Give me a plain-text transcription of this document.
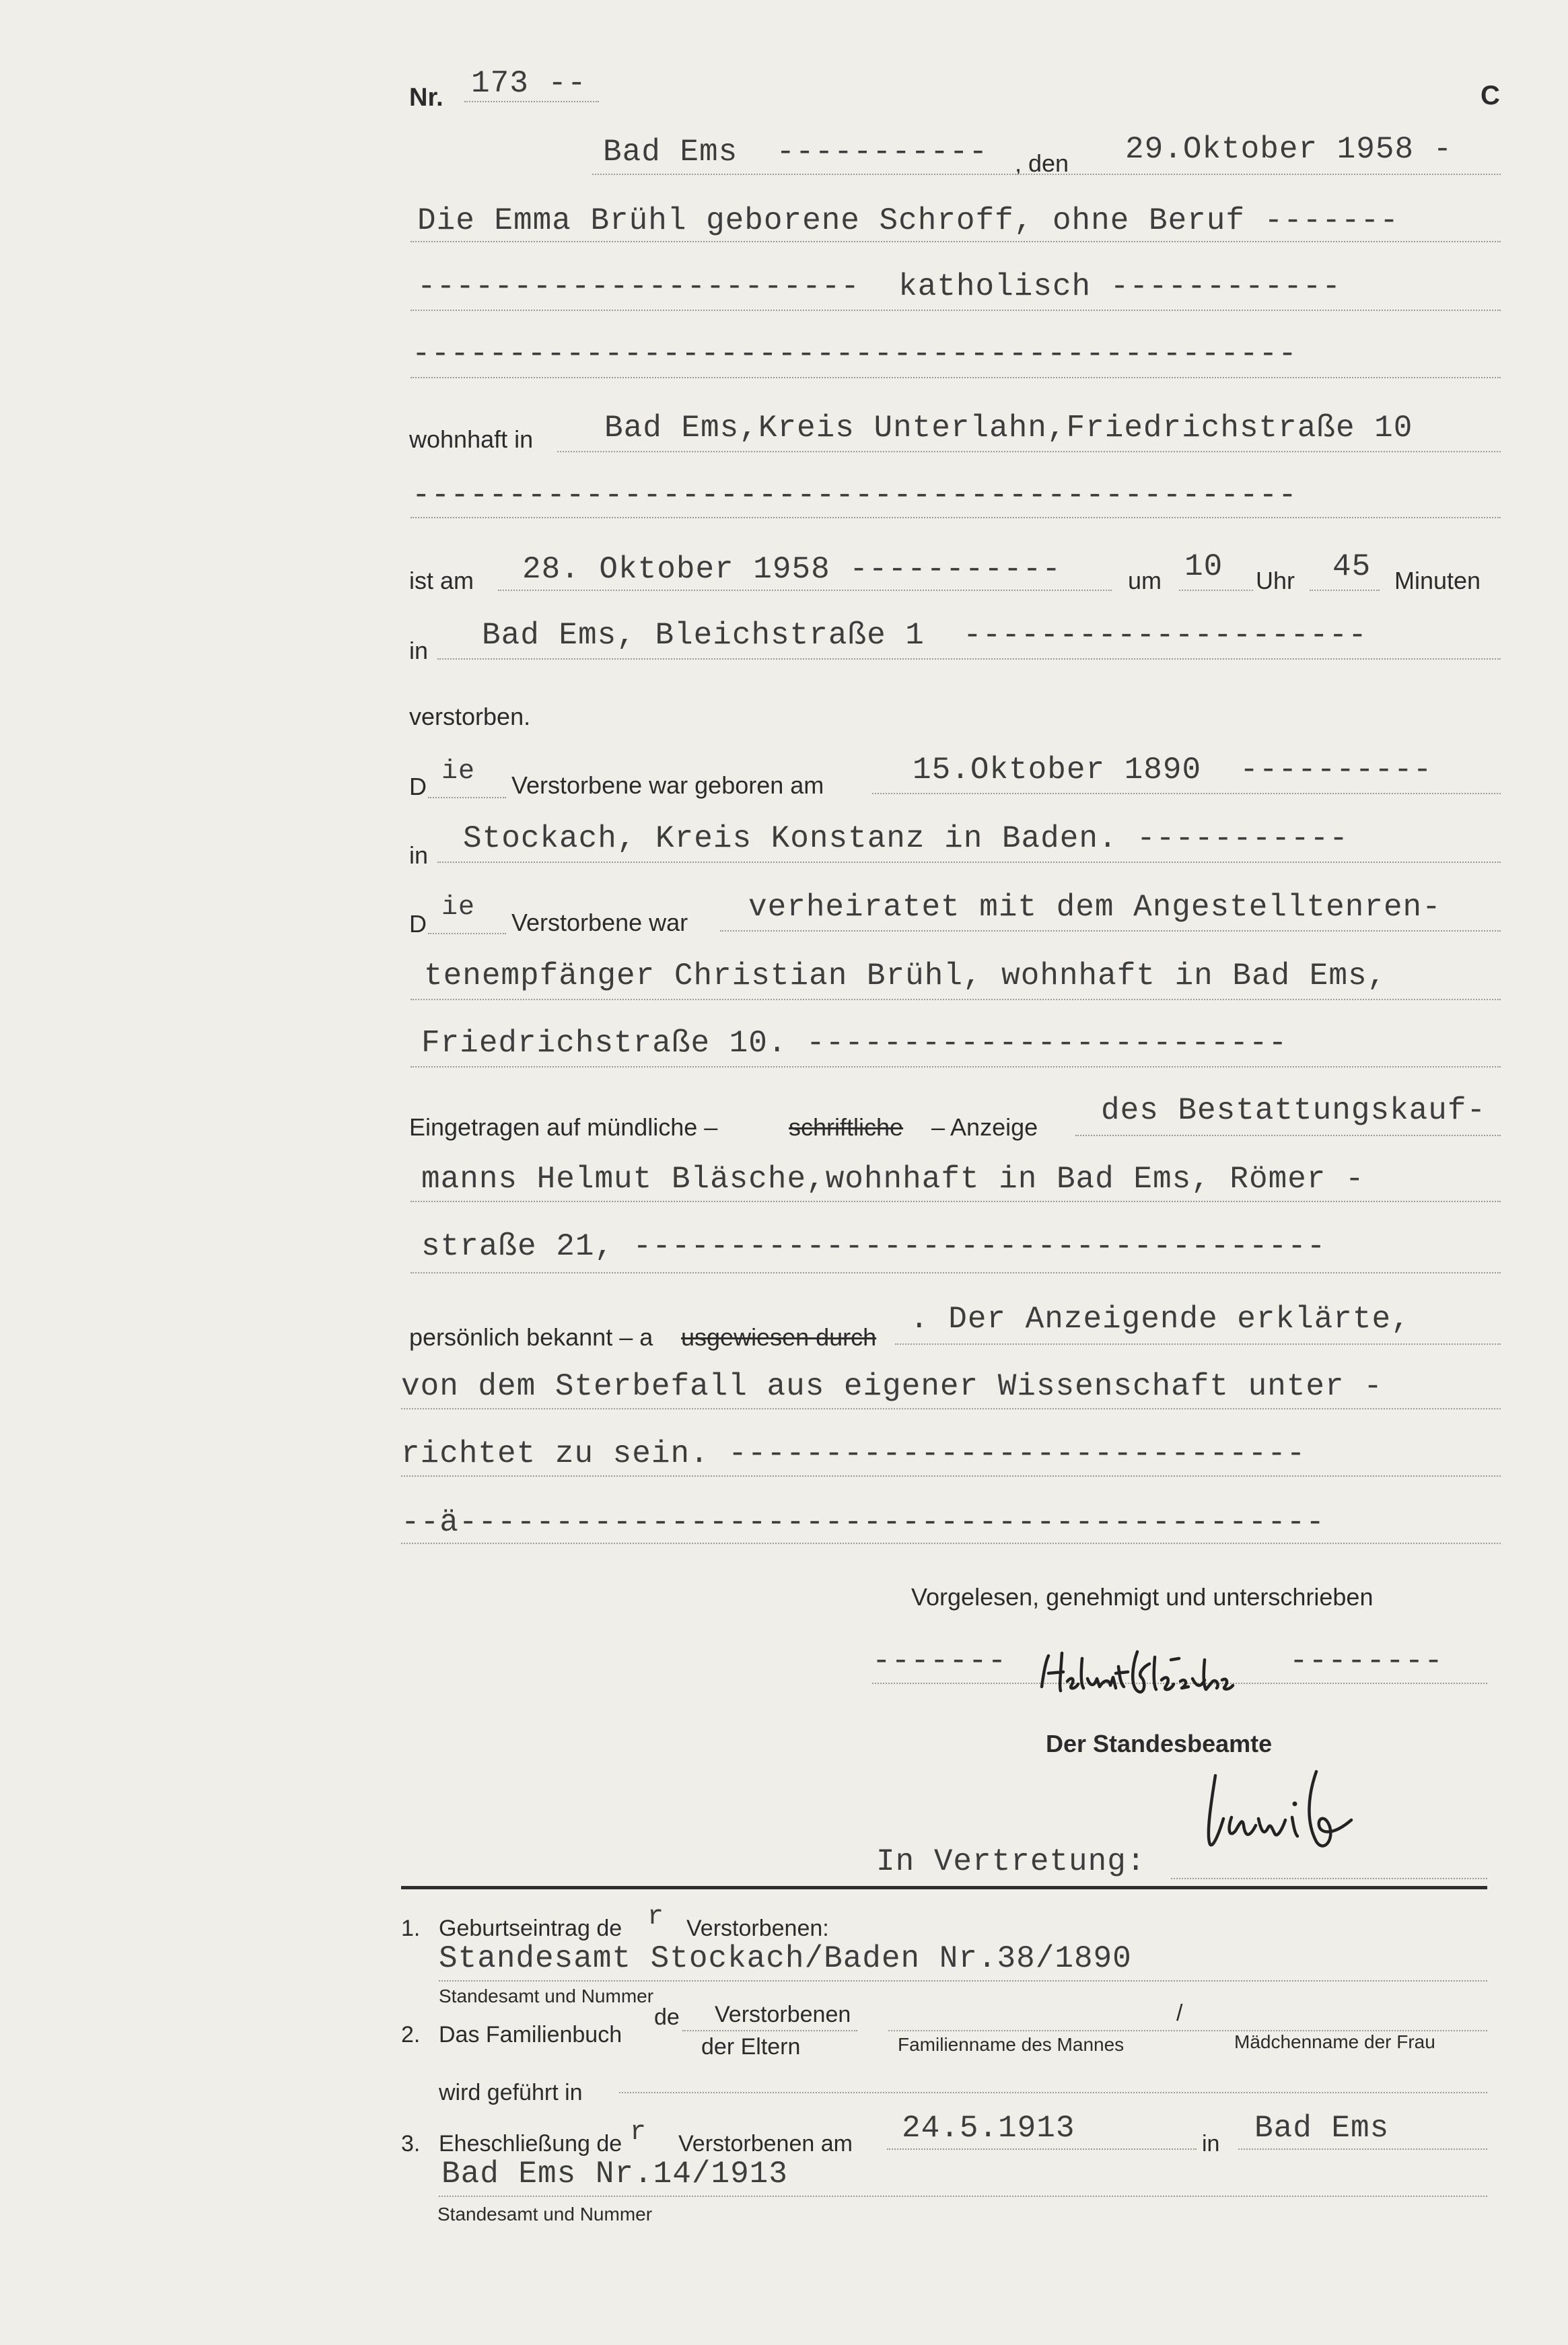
Nr. 173 --	C
Bad Ems  ----------- , den 29.Oktober 1958 -
Die Emma Brühl geborene Schroff, ohne Beruf -------
-----------------------  katholisch ------------
----------------------------------------------
wohnhaft in Bad Ems,Kreis Unterlahn,Friedrichstraße 10
----------------------------------------------
ist am 28. Oktober 1958 -----------	um 10 Uhr 45 Minuten
in Bad Ems, Bleichstraße 1  ---------------------
verstorben.
D ie Verstorbene war geboren am	15.Oktober 1890  ----------
in Stockach, Kreis Konstanz in Baden. -----------
D
ie Verstorbene war verheiratet mit dem Angestelltenren-
tenempfänger Christian Brühl, wohnhaft in Bad Ems,
Friedrichstraße 10. -------------------------
Eingetragen auf mündliche –	schriftliche – Anzeige des Bestattungskauf-
manns Helmut Bläsche,wohnhaft in Bad Ems, Römer -
straße 21, ------------------------------------
persönlich bekannt – a usgewiesen durch
. Der Anzeigende erklärte,
von dem Sterbefall aus eigener Wissenschaft unter -
richtet zu sein. ------------------------------
--ä---------------------------------------------
Vorgelesen, genehmigt und unterschrieben
-------	--------
Der Standesbeamte
In Vertretung:
1. Geburtseintrag de r Verstorbenen:
Standesamt Stockach/Baden Nr.38/1890
Standesamt und Nummer
2. Das Familienbuch
de Verstorbenen
der Eltern
/
Familienname des Mannes	Mädchenname der Frau
wird geführt in
3. Eheschließung de r Verstorbenen am 24.5.1913	in Bad Ems
Bad Ems Nr.14/1913
Standesamt und Nummer
